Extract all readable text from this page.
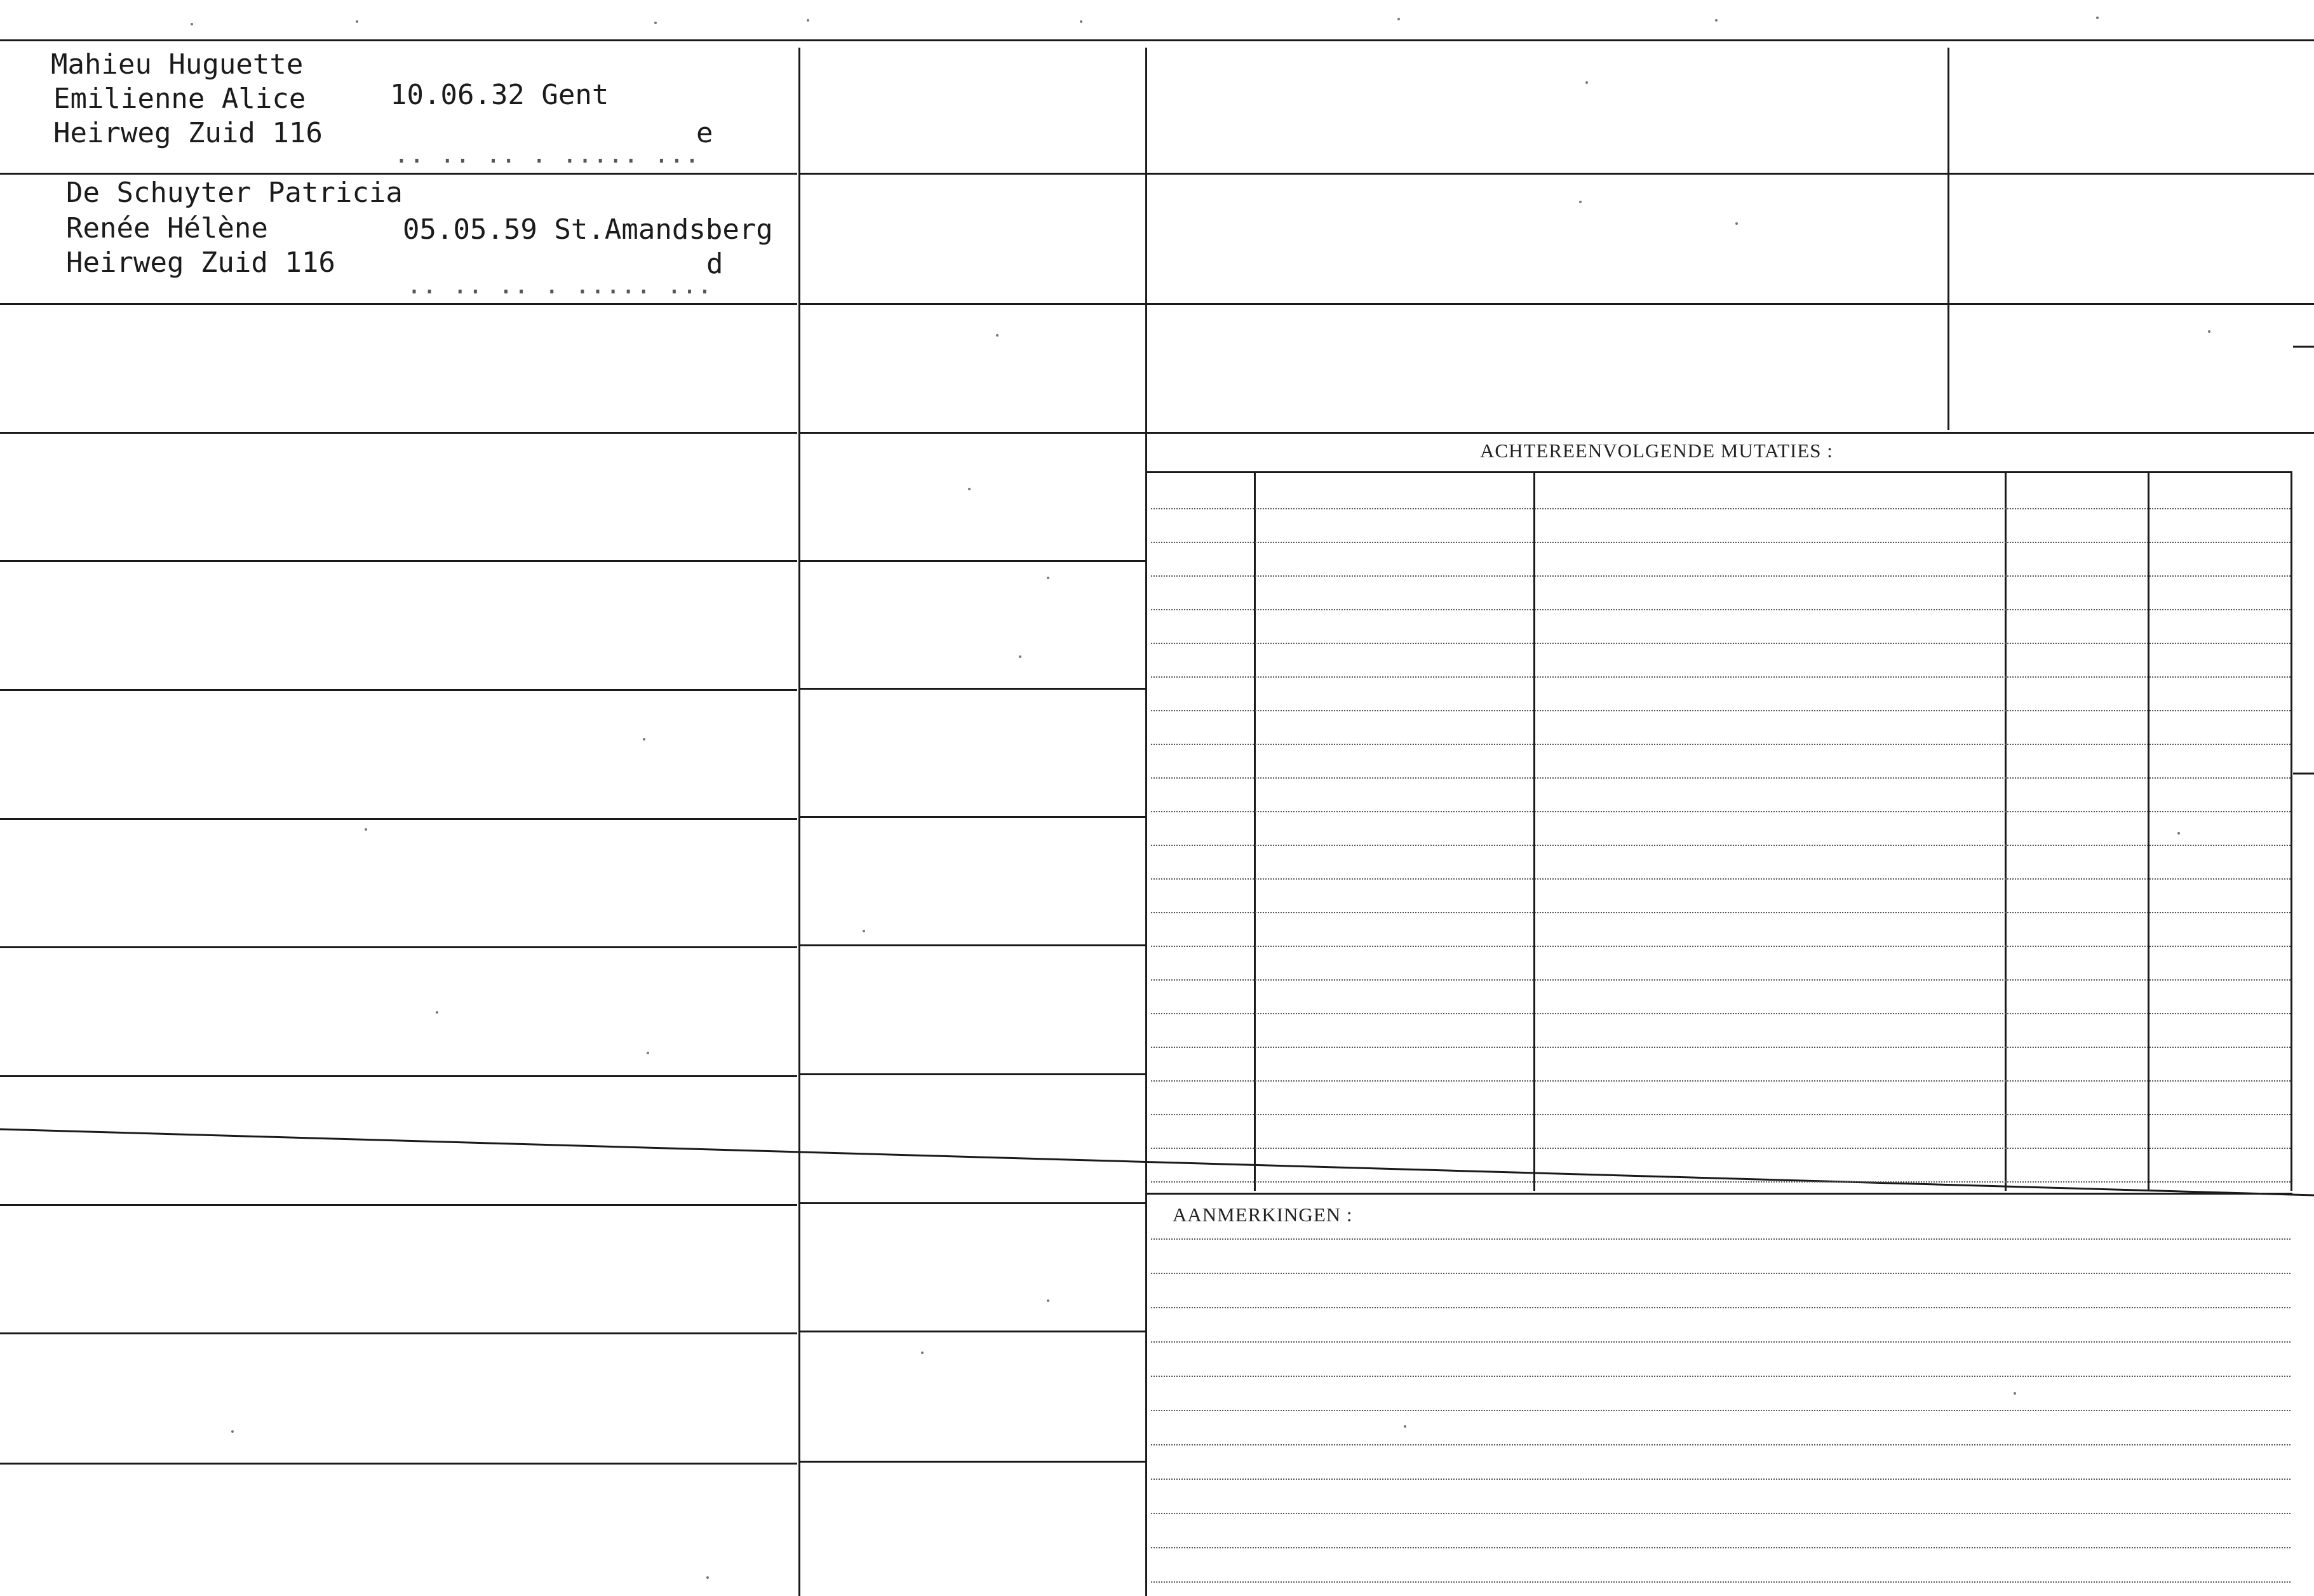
Mahieu Huguette
Emilienne Alice	10.06.32 Gent
Heirweg Zuid 116	e
·· ·· ·· · ····· ···
De Schuyter Patricia
Renée Hélène	05.05.59 St.Amandsberg
Heirweg Zuid 116	d
·· ·· ·· · ····· ···
ACHTEREENVOLGENDE MUTATIES :
AANMERKINGEN :
